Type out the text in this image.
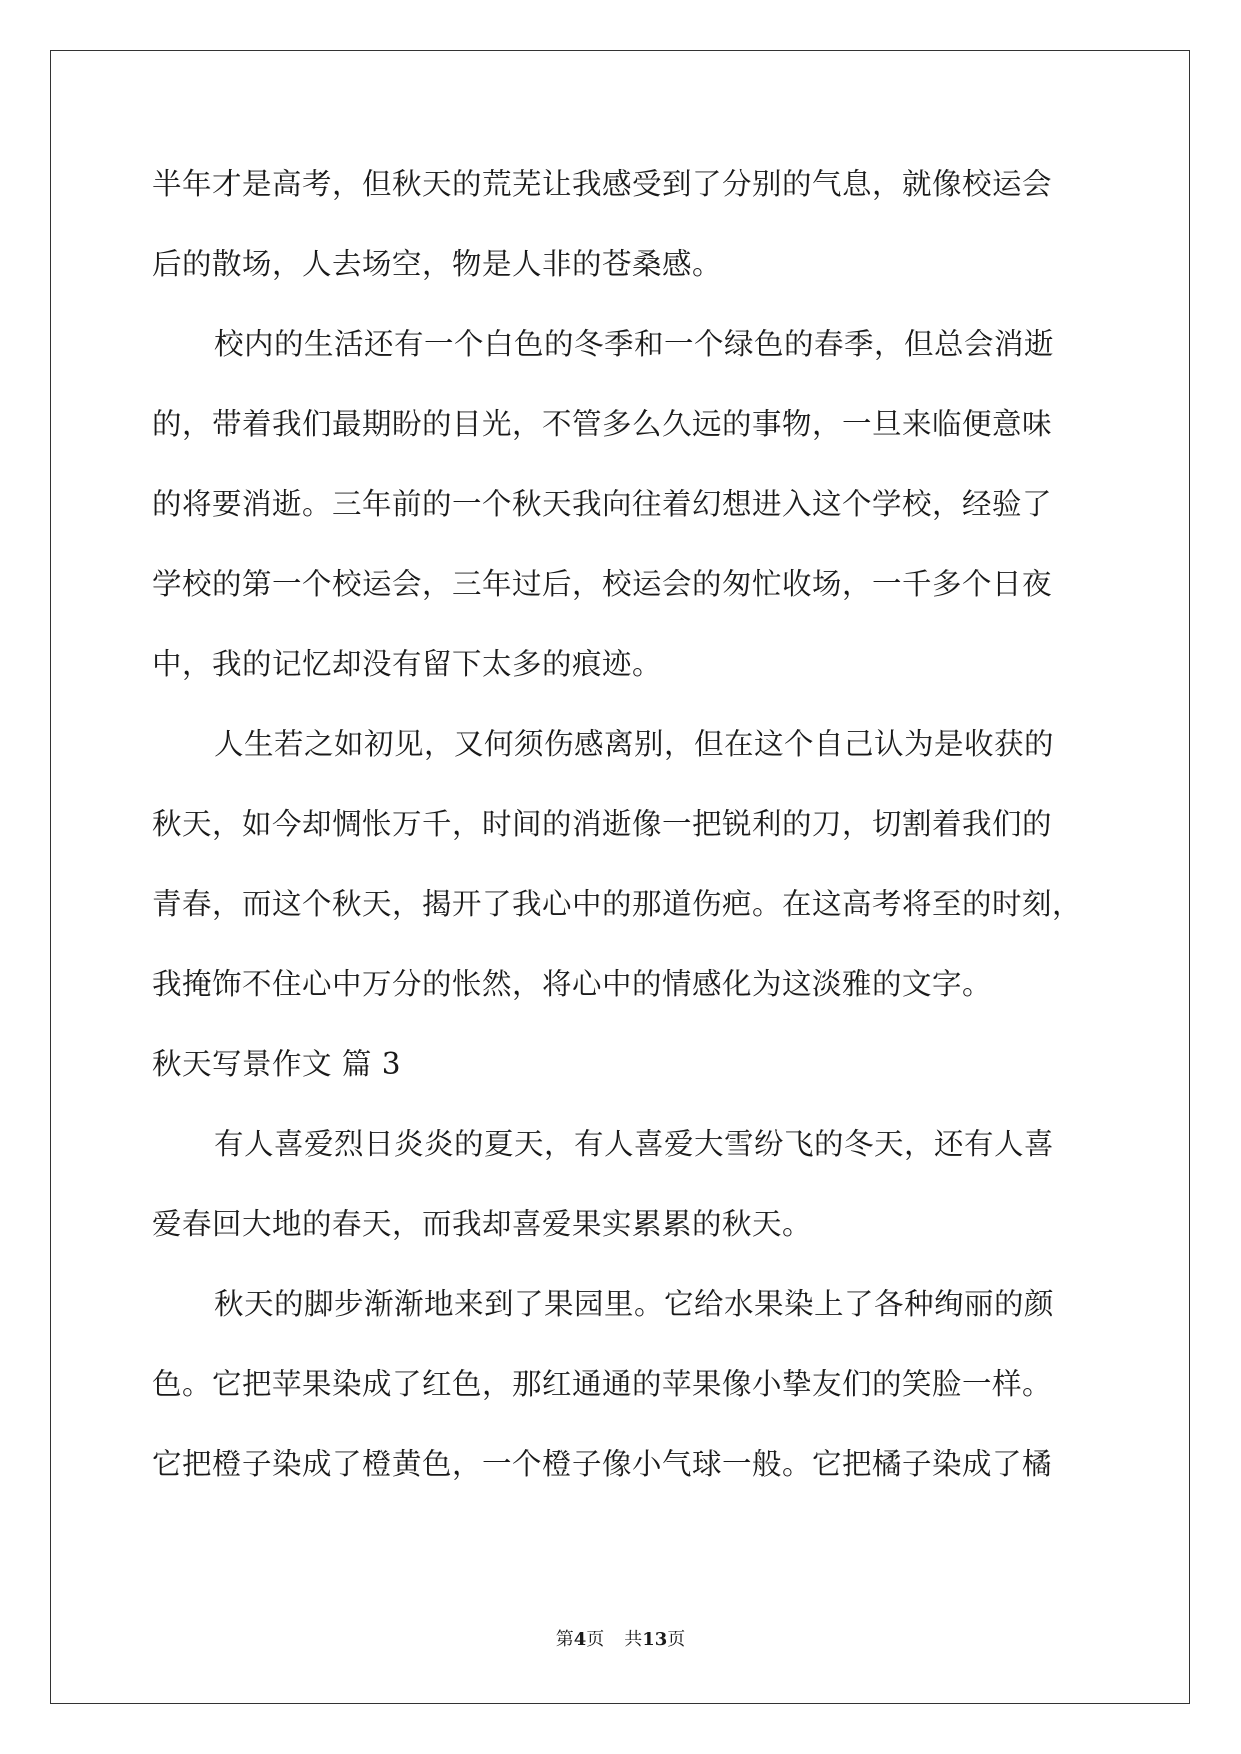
半年才是高考，但秋天的荒芜让我感受到了分别的气息，就像校运会
后的散场，人去场空，物是人非的苍桑感。
校内的生活还有一个白色的冬季和一个绿色的春季，但总会消逝
的，带着我们最期盼的目光，不管多么久远的事物，一旦来临便意味
的将要消逝。三年前的一个秋天我向往着幻想进入这个学校，经验了
学校的第一个校运会，三年过后，校运会的匆忙收场，一千多个日夜
中，我的记忆却没有留下太多的痕迹。
人生若之如初见，又何须伤感离别，但在这个自己认为是收获的
秋天，如今却惆怅万千，时间的消逝像一把锐利的刀，切割着我们的
青春，而这个秋天，揭开了我心中的那道伤疤。在这高考将至的时刻，
我掩饰不住心中万分的怅然，将心中的情感化为这淡雅的文字。
秋天写景作文 篇 3
有人喜爱烈日炎炎的夏天，有人喜爱大雪纷飞的冬天，还有人喜
爱春回大地的春天，而我却喜爱果实累累的秋天。
秋天的脚步渐渐地来到了果园里。它给水果染上了各种绚丽的颜
色。它把苹果染成了红色，那红通通的苹果像小挚友们的笑脸一样。
它把橙子染成了橙黄色，一个橙子像小气球一般。它把橘子染成了橘
第4页 共13页
